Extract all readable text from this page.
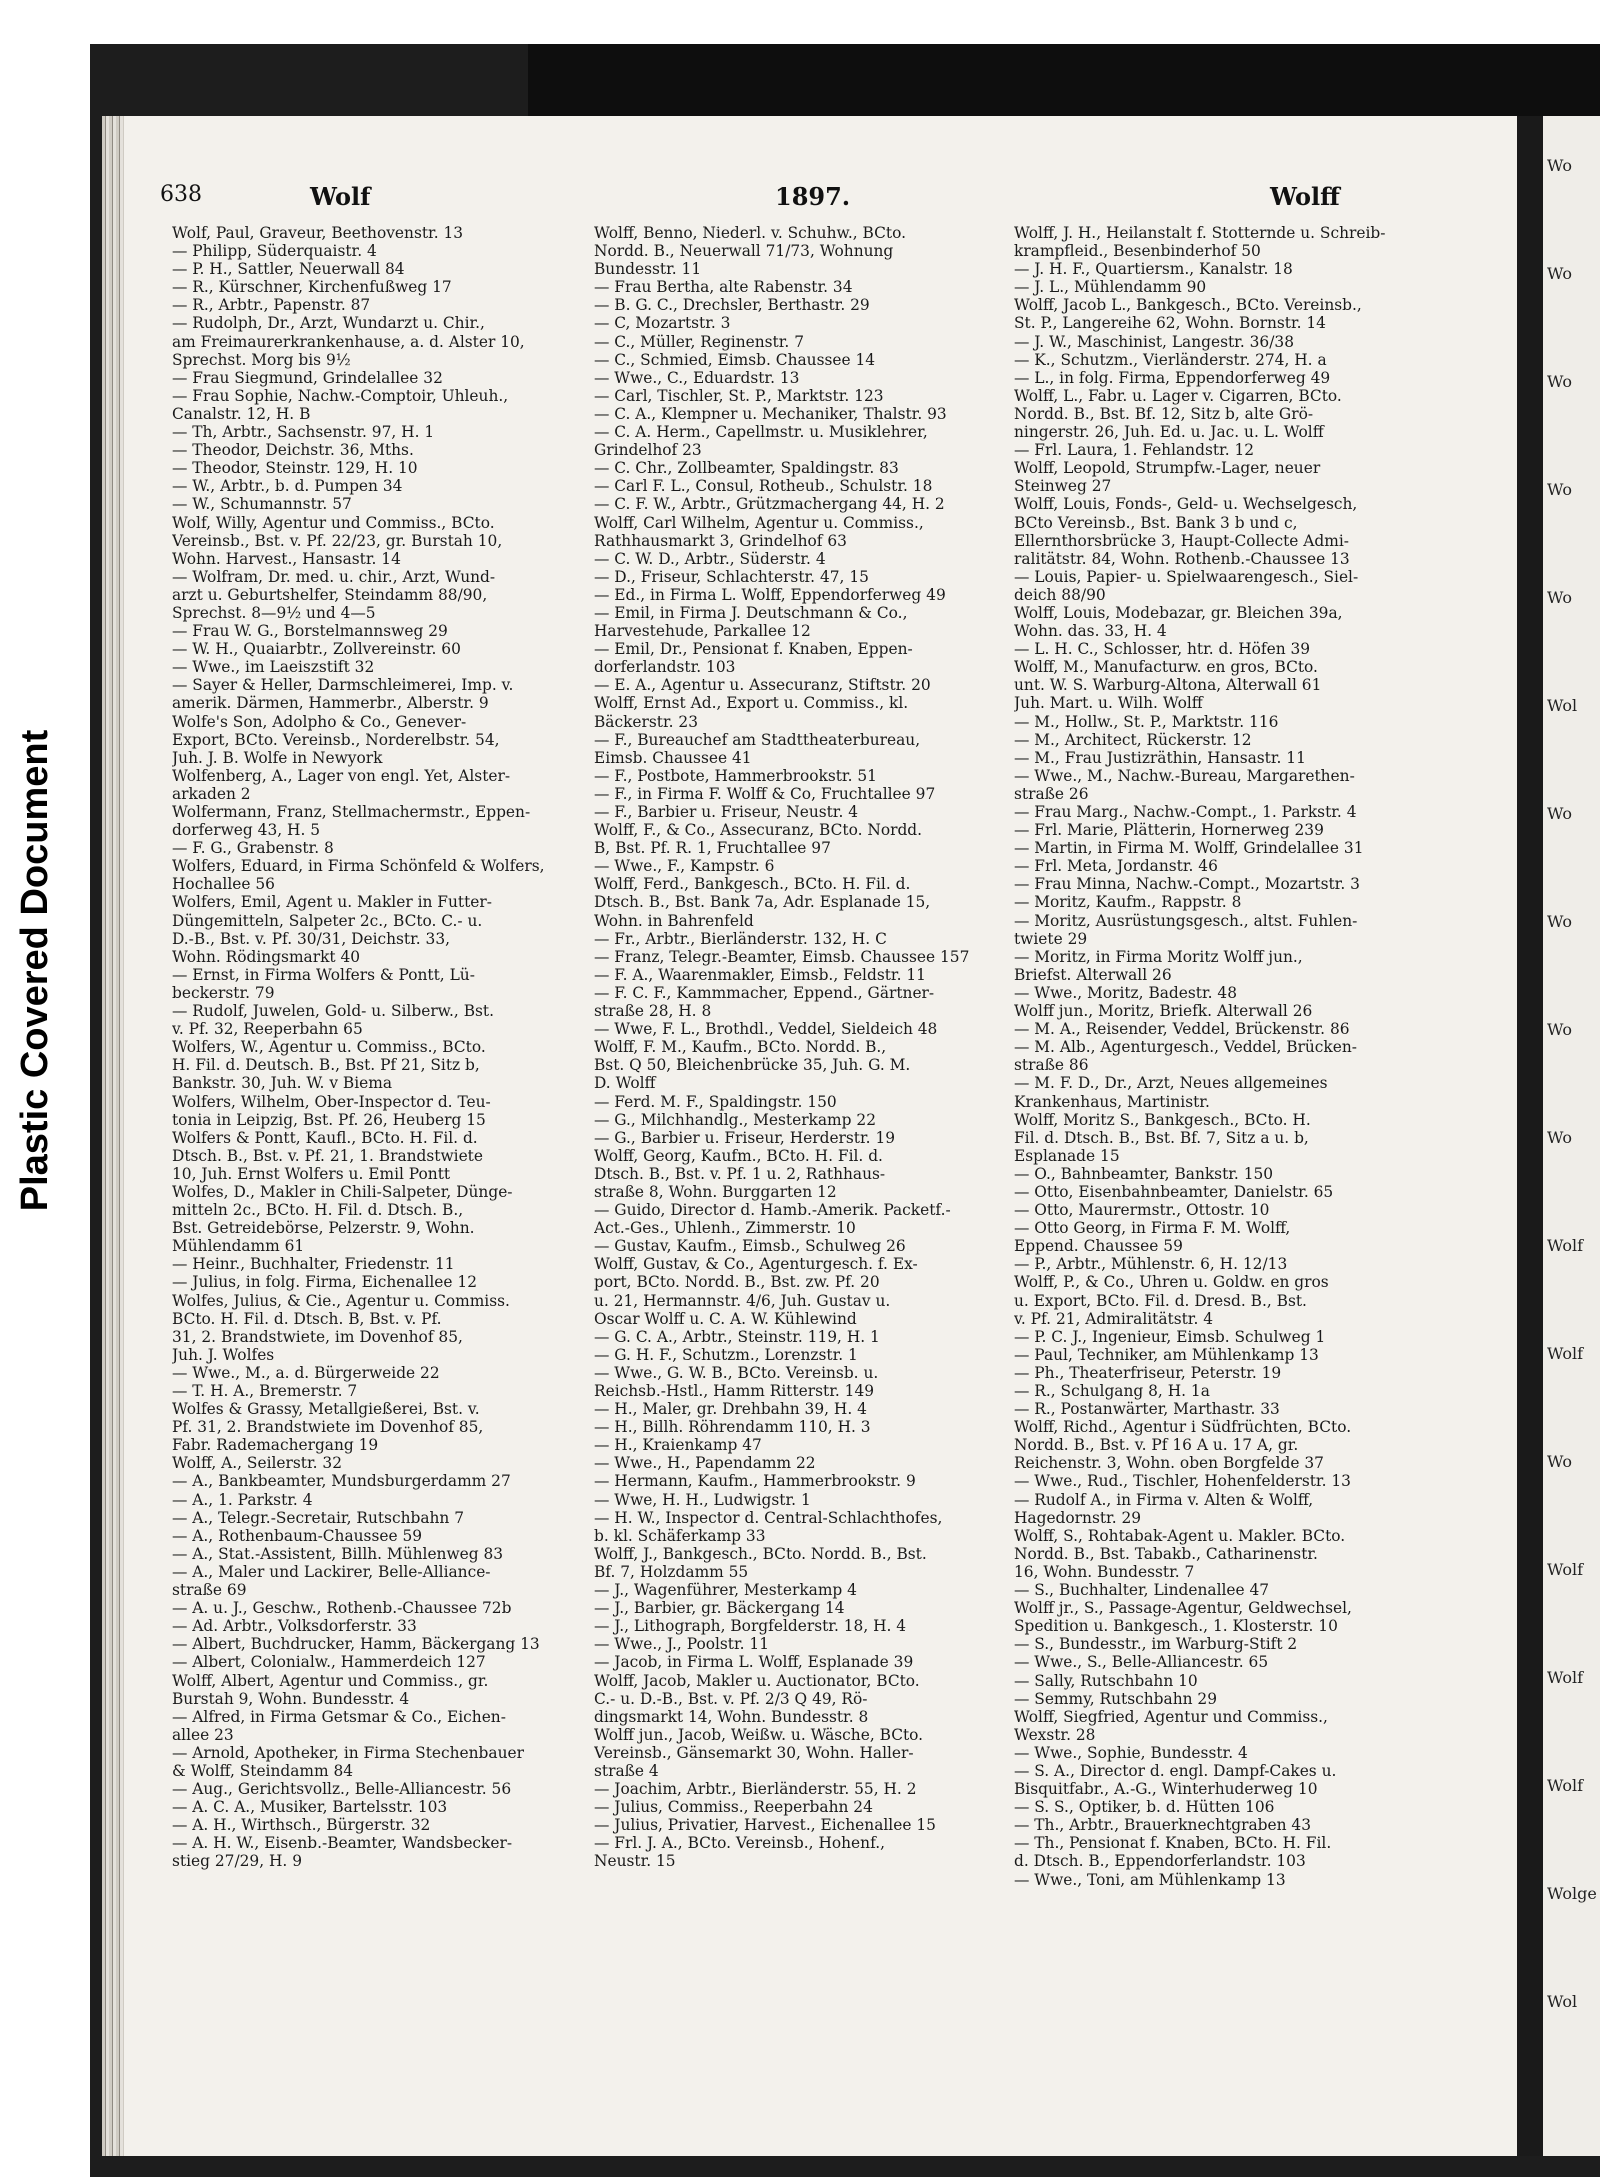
Plastic Covered Document
Wo
Wo
Wo
Wo
Wo
Wol
Wo
Wo
Wo
Wo
Wolf
Wolf
Wo
Wolf
Wolf
Wolf
Wolge
Wol
638	Wolf	1897.	Wolff

Wolf, Paul, Graveur, Beethovenstr. 13

— Philipp, Süderquaistr. 4

— P. H., Sattler, Neuerwall 84

— R., Kürschner, Kirchenfußweg 17

— R., Arbtr., Papenstr. 87

— Rudolph, Dr., Arzt, Wundarzt u. Chir.,

am Freimaurerkrankenhause, a. d. Alster 10,

Sprechst. Morg bis 9½

— Frau Siegmund, Grindelallee 32

— Frau Sophie, Nachw.-Comptoir, Uhleuh.,

Canalstr. 12, H. B

— Th, Arbtr., Sachsenstr. 97, H. 1

— Theodor, Deichstr. 36, Mths.

— Theodor, Steinstr. 129, H. 10

— W., Arbtr., b. d. Pumpen 34

— W., Schumannstr. 57

Wolf, Willy, Agentur und Commiss., BCto.

Vereinsb., Bst. v. Pf. 22/23, gr. Burstah 10,

Wohn. Harvest., Hansastr. 14

— Wolfram, Dr. med. u. chir., Arzt, Wund-

arzt u. Geburtshelfer, Steindamm 88/90,

Sprechst. 8—9½ und 4—5

— Frau W. G., Borstelmannsweg 29

— W. H., Quaiarbtr., Zollvereinstr. 60

— Wwe., im Laeiszstift 32

— Sayer & Heller, Darmschleimerei, Imp. v.

amerik. Därmen, Hammerbr., Alberstr. 9

Wolfe's Son, Adolpho & Co., Genever-

Export, BCto. Vereinsb., Norderelbstr. 54,

Juh. J. B. Wolfe in Newyork

Wolfenberg, A., Lager von engl. Yet, Alster-

arkaden 2

Wolfermann, Franz, Stellmachermstr., Eppen-

dorferweg 43, H. 5

— F. G., Grabenstr. 8

Wolfers, Eduard, in Firma Schönfeld & Wolfers,

Hochallee 56

Wolfers, Emil, Agent u. Makler in Futter-

Düngemitteln, Salpeter 2c., BCto. C.- u.

D.-B., Bst. v. Pf. 30/31, Deichstr. 33,

Wohn. Rödingsmarkt 40

— Ernst, in Firma Wolfers & Pontt, Lü-

beckerstr. 79

— Rudolf, Juwelen, Gold- u. Silberw., Bst.

v. Pf. 32, Reeperbahn 65

Wolfers, W., Agentur u. Commiss., BCto.

H. Fil. d. Deutsch. B., Bst. Pf 21, Sitz b,

Bankstr. 30, Juh. W. v Biema

Wolfers, Wilhelm, Ober-Inspector d. Teu-

tonia in Leipzig, Bst. Pf. 26, Heuberg 15

Wolfers & Pontt, Kaufl., BCto. H. Fil. d.

Dtsch. B., Bst. v. Pf. 21, 1. Brandstwiete

10, Juh. Ernst Wolfers u. Emil Pontt

Wolfes, D., Makler in Chili-Salpeter, Dünge-

mitteln 2c., BCto. H. Fil. d. Dtsch. B.,

Bst. Getreidebörse, Pelzerstr. 9, Wohn.

Mühlendamm 61

— Heinr., Buchhalter, Friedenstr. 11

— Julius, in folg. Firma, Eichenallee 12

Wolfes, Julius, & Cie., Agentur u. Commiss.

BCto. H. Fil. d. Dtsch. B, Bst. v. Pf.

31, 2. Brandstwiete, im Dovenhof 85,

Juh. J. Wolfes

— Wwe., M., a. d. Bürgerweide 22

— T. H. A., Bremerstr. 7

Wolfes & Grassy, Metallgießerei, Bst. v.

Pf. 31, 2. Brandstwiete im Dovenhof 85,

Fabr. Rademachergang 19

Wolff, A., Seilerstr. 32

— A., Bankbeamter, Mundsburgerdamm 27

— A., 1. Parkstr. 4

— A., Telegr.-Secretair, Rutschbahn 7

— A., Rothenbaum-Chaussee 59

— A., Stat.-Assistent, Billh. Mühlenweg 83

— A., Maler und Lackirer, Belle-Alliance-

straße 69

— A. u. J., Geschw., Rothenb.-Chaussee 72b

— Ad. Arbtr., Volksdorferstr. 33

— Albert, Buchdrucker, Hamm, Bäckergang 13

— Albert, Colonialw., Hammerdeich 127

Wolff, Albert, Agentur und Commiss., gr.

Burstah 9, Wohn. Bundesstr. 4

— Alfred, in Firma Getsmar & Co., Eichen-

allee 23

— Arnold, Apotheker, in Firma Stechenbauer

& Wolff, Steindamm 84

— Aug., Gerichtsvollz., Belle-Alliancestr. 56

— A. C. A., Musiker, Bartelsstr. 103

— A. H., Wirthsch., Bürgerstr. 32

— A. H. W., Eisenb.-Beamter, Wandsbecker-

stieg 27/29, H. 9

Wolff, Benno, Niederl. v. Schuhw., BCto.

Nordd. B., Neuerwall 71/73, Wohnung

Bundesstr. 11

— Frau Bertha, alte Rabenstr. 34

— B. G. C., Drechsler, Berthastr. 29

— C, Mozartstr. 3

— C., Müller, Reginenstr. 7

— C., Schmied, Eimsb. Chaussee 14

— Wwe., C., Eduardstr. 13

— Carl, Tischler, St. P., Marktstr. 123

— C. A., Klempner u. Mechaniker, Thalstr. 93

— C. A. Herm., Capellmstr. u. Musiklehrer,

Grindelhof 23

— C. Chr., Zollbeamter, Spaldingstr. 83

— Carl F. L., Consul, Rotheub., Schulstr. 18

— C. F. W., Arbtr., Grützmachergang 44, H. 2

Wolff, Carl Wilhelm, Agentur u. Commiss.,

Rathhausmarkt 3, Grindelhof 63

— C. W. D., Arbtr., Süderstr. 4

— D., Friseur, Schlachterstr. 47, 15

— Ed., in Firma L. Wolff, Eppendorferweg 49

— Emil, in Firma J. Deutschmann & Co.,

Harvestehude, Parkallee 12

— Emil, Dr., Pensionat f. Knaben, Eppen-

dorferlandstr. 103

— E. A., Agentur u. Assecuranz, Stiftstr. 20

Wolff, Ernst Ad., Export u. Commiss., kl.

Bäckerstr. 23

— F., Bureauchef am Stadttheaterbureau,

Eimsb. Chaussee 41

— F., Postbote, Hammerbrookstr. 51

— F., in Firma F. Wolff & Co, Fruchtallee 97

— F., Barbier u. Friseur, Neustr. 4

Wolff, F., & Co., Assecuranz, BCto. Nordd.

B, Bst. Pf. R. 1, Fruchtallee 97

— Wwe., F., Kampstr. 6

Wolff, Ferd., Bankgesch., BCto. H. Fil. d.

Dtsch. B., Bst. Bank 7a, Adr. Esplanade 15,

Wohn. in Bahrenfeld

— Fr., Arbtr., Bierländerstr. 132, H. C

— Franz, Telegr.-Beamter, Eimsb. Chaussee 157

— F. A., Waarenmakler, Eimsb., Feldstr. 11

— F. C. F., Kammmacher, Eppend., Gärtner-

straße 28, H. 8

— Wwe, F. L., Brothdl., Veddel, Sieldeich 48

Wolff, F. M., Kaufm., BCto. Nordd. B.,

Bst. Q 50, Bleichenbrücke 35, Juh. G. M.

D. Wolff

— Ferd. M. F., Spaldingstr. 150

— G., Milchhandlg., Mesterkamp 22

— G., Barbier u. Friseur, Herderstr. 19

Wolff, Georg, Kaufm., BCto. H. Fil. d.

Dtsch. B., Bst. v. Pf. 1 u. 2, Rathhaus-

straße 8, Wohn. Burggarten 12

— Guido, Director d. Hamb.-Amerik. Packetf.-

Act.-Ges., Uhlenh., Zimmerstr. 10

— Gustav, Kaufm., Eimsb., Schulweg 26

Wolff, Gustav, & Co., Agenturgesch. f. Ex-

port, BCto. Nordd. B., Bst. zw. Pf. 20

u. 21, Hermannstr. 4/6, Juh. Gustav u.

Oscar Wolff u. C. A. W. Kühlewind

— G. C. A., Arbtr., Steinstr. 119, H. 1

— G. H. F., Schutzm., Lorenzstr. 1

— Wwe., G. W. B., BCto. Vereinsb. u.

Reichsb.-Hstl., Hamm Ritterstr. 149

— H., Maler, gr. Drehbahn 39, H. 4

— H., Billh. Röhrendamm 110, H. 3

— H., Kraienkamp 47

— Wwe., H., Papendamm 22

— Hermann, Kaufm., Hammerbrookstr. 9

— Wwe, H. H., Ludwigstr. 1

— H. W., Inspector d. Central-Schlachthofes,

b. kl. Schäferkamp 33

Wolff, J., Bankgesch., BCto. Nordd. B., Bst.

Bf. 7, Holzdamm 55

— J., Wagenführer, Mesterkamp 4

— J., Barbier, gr. Bäckergang 14

— J., Lithograph, Borgfelderstr. 18, H. 4

— Wwe., J., Poolstr. 11

— Jacob, in Firma L. Wolff, Esplanade 39

Wolff, Jacob, Makler u. Auctionator, BCto.

C.- u. D.-B., Bst. v. Pf. 2/3 Q 49, Rö-

dingsmarkt 14, Wohn. Bundesstr. 8

Wolff jun., Jacob, Weißw. u. Wäsche, BCto.

Vereinsb., Gänsemarkt 30, Wohn. Haller-

straße 4

— Joachim, Arbtr., Bierländerstr. 55, H. 2

— Julius, Commiss., Reeperbahn 24

— Julius, Privatier, Harvest., Eichenallee 15

— Frl. J. A., BCto. Vereinsb., Hohenf.,

Neustr. 15

Wolff, J. H., Heilanstalt f. Stotternde u. Schreib-

krampfleid., Besenbinderhof 50

— J. H. F., Quartiersm., Kanalstr. 18

— J. L., Mühlendamm 90

Wolff, Jacob L., Bankgesch., BCto. Vereinsb.,

St. P., Langereihe 62, Wohn. Bornstr. 14

— J. W., Maschinist, Langestr. 36/38

— K., Schutzm., Vierländerstr. 274, H. a

— L., in folg. Firma, Eppendorferweg 49

Wolff, L., Fabr. u. Lager v. Cigarren, BCto.

Nordd. B., Bst. Bf. 12, Sitz b, alte Grö-

ningerstr. 26, Juh. Ed. u. Jac. u. L. Wolff

— Frl. Laura, 1. Fehlandstr. 12

Wolff, Leopold, Strumpfw.-Lager, neuer

Steinweg 27

Wolff, Louis, Fonds-, Geld- u. Wechselgesch,

BCto Vereinsb., Bst. Bank 3 b und c,

Ellernthorsbrücke 3, Haupt-Collecte Admi-

ralitätstr. 84, Wohn. Rothenb.-Chaussee 13

— Louis, Papier- u. Spielwaarengesch., Siel-

deich 88/90

Wolff, Louis, Modebazar, gr. Bleichen 39a,

Wohn. das. 33, H. 4

— L. H. C., Schlosser, htr. d. Höfen 39

Wolff, M., Manufacturw. en gros, BCto.

unt. W. S. Warburg-Altona, Alterwall 61

Juh. Mart. u. Wilh. Wolff

— M., Hollw., St. P., Marktstr. 116

— M., Architect, Rückerstr. 12

— M., Frau Justizräthin, Hansastr. 11

— Wwe., M., Nachw.-Bureau, Margarethen-

straße 26

— Frau Marg., Nachw.-Compt., 1. Parkstr. 4

— Frl. Marie, Plätterin, Hornerweg 239

— Martin, in Firma M. Wolff, Grindelallee 31

— Frl. Meta, Jordanstr. 46

— Frau Minna, Nachw.-Compt., Mozartstr. 3

— Moritz, Kaufm., Rappstr. 8

— Moritz, Ausrüstungsgesch., altst. Fuhlen-

twiete 29

— Moritz, in Firma Moritz Wolff jun.,

Briefst. Alterwall 26

— Wwe., Moritz, Badestr. 48

Wolff jun., Moritz, Briefk. Alterwall 26

— M. A., Reisender, Veddel, Brückenstr. 86

— M. Alb., Agenturgesch., Veddel, Brücken-

straße 86

— M. F. D., Dr., Arzt, Neues allgemeines

Krankenhaus, Martinistr.

Wolff, Moritz S., Bankgesch., BCto. H.

Fil. d. Dtsch. B., Bst. Bf. 7, Sitz a u. b,

Esplanade 15

— O., Bahnbeamter, Bankstr. 150

— Otto, Eisenbahnbeamter, Danielstr. 65

— Otto, Maurermstr., Ottostr. 10

— Otto Georg, in Firma F. M. Wolff,

Eppend. Chaussee 59

— P., Arbtr., Mühlenstr. 6, H. 12/13

Wolff, P., & Co., Uhren u. Goldw. en gros

u. Export, BCto. Fil. d. Dresd. B., Bst.

v. Pf. 21, Admiralitätstr. 4

— P. C. J., Ingenieur, Eimsb. Schulweg 1

— Paul, Techniker, am Mühlenkamp 13

— Ph., Theaterfriseur, Peterstr. 19

— R., Schulgang 8, H. 1a

— R., Postanwärter, Marthastr. 33

Wolff, Richd., Agentur i Südfrüchten, BCto.

Nordd. B., Bst. v. Pf 16 A u. 17 A, gr.

Reichenstr. 3, Wohn. oben Borgfelde 37

— Wwe., Rud., Tischler, Hohenfelderstr. 13

— Rudolf A., in Firma v. Alten & Wolff,

Hagedornstr. 29

Wolff, S., Rohtabak-Agent u. Makler. BCto.

Nordd. B., Bst. Tabakb., Catharinenstr.

16, Wohn. Bundesstr. 7

— S., Buchhalter, Lindenallee 47

Wolff jr., S., Passage-Agentur, Geldwechsel,

Spedition u. Bankgesch., 1. Klosterstr. 10

— S., Bundesstr., im Warburg-Stift 2

— Wwe., S., Belle-Alliancestr. 65

— Sally, Rutschbahn 10

— Semmy, Rutschbahn 29

Wolff, Siegfried, Agentur und Commiss.,

Wexstr. 28

— Wwe., Sophie, Bundesstr. 4

— S. A., Director d. engl. Dampf-Cakes u.

Bisquitfabr., A.-G., Winterhuderweg 10

— S. S., Optiker, b. d. Hütten 106

— Th., Arbtr., Brauerknechtgraben 43

— Th., Pensionat f. Knaben, BCto. H. Fil.

d. Dtsch. B., Eppendorferlandstr. 103

— Wwe., Toni, am Mühlenkamp 13
